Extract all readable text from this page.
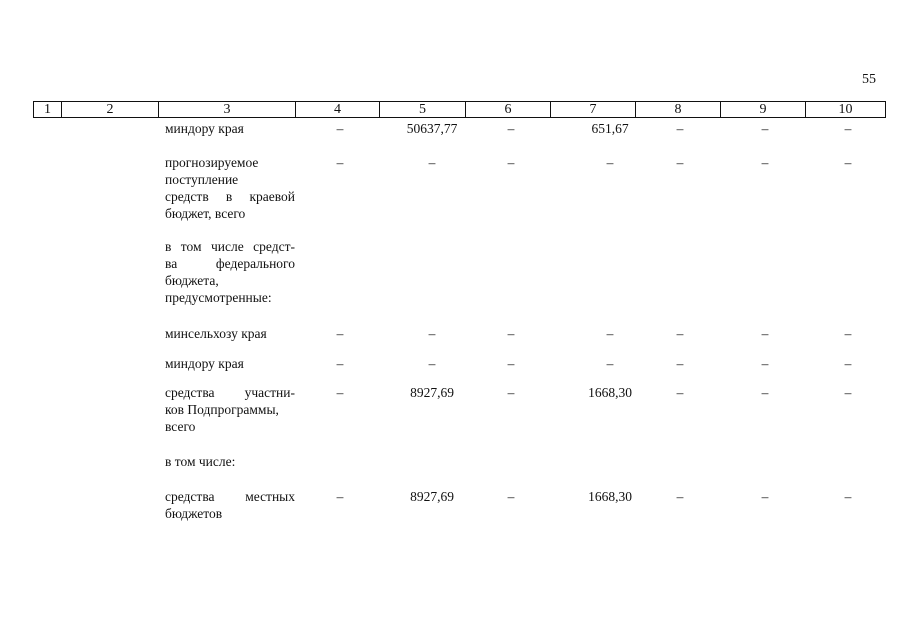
55
1	2	3	4	5	6	7	8	9	10
миндору края	–	50637,77	–	651,67	–	–	–
прогнозируемое
поступление
средств в краевой
бюджет, всего
–	–	–	–	–	–	–
в том числе средст-
ва федерального
бюджета,
предусмотренные:
минсельхозу края	–	–	–	–	–	–	–
миндору края	–	–	–	–	–	–	–
средства участни-
ков Подпрограммы,
всего
–	8927,69	–	1668,30	–	–	–
в том числе:
средства местных
бюджетов
–	8927,69	–	1668,30	–	–	–
